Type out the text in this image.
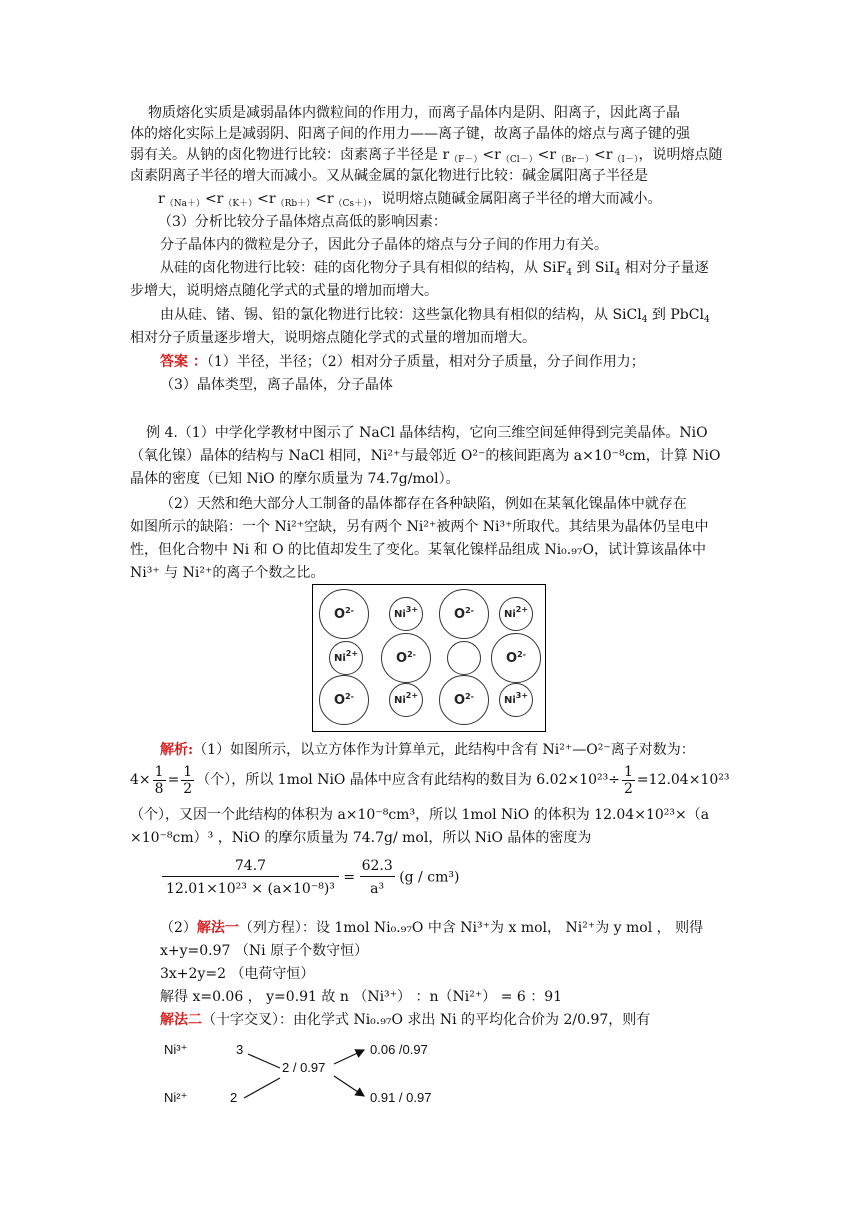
物质熔化实质是减弱晶体内微粒间的作用力，而离子晶体内是阴、阳离子，因此离子晶
体的熔化实际上是减弱阴、阳离子间的作用力——离子键，故离子晶体的熔点与离子键的强
弱有关。从钠的卤化物进行比较：卤素离子半径是 $r_{(F-)}<r_{(Cl-)}<r_{(Br-)}<r_{(I-)}$，说明熔点随
卤素阴离子半径的增大而减小。又从碱金属的氯化物进行比较：碱金属阳离子半径是
$r_{(Na+)}<r_{(K+)}<r_{(Rb+)}<r_{(Cs+)}$，说明熔点随碱金属阳离子半径的增大而减小。
（3）分析比较分子晶体熔点高低的影响因素：
分子晶体内的微粒是分子，因此分子晶体的熔点与分子间的作用力有关。
从硅的卤化物进行比较：硅的卤化物分子具有相似的结构，从 SiF$_4$ 到 SiI$_4$ 相对分子量逐
步增大，说明熔点随化学式的式量的增加而增大。
由从硅、锗、锡、铅的氯化物进行比较：这些氯化物具有相似的结构，从 SiCl$_4$ 到 PbCl$_4$
相对分子质量逐步增大，说明熔点随化学式的式量的增加而增大。
答案 ：（1）半径，半径；（2）相对分子质量，相对分子质量，分子间作用力；
（3）晶体类型，离子晶体，分子晶体
例 4.（1）中学化学教材中图示了 NaCl 晶体结构，它向三维空间延伸得到完美晶体。NiO
（氧化镍）晶体的结构与 NaCl 相同，Ni²⁺与最邻近 O²⁻的核间距离为 a×10⁻⁸cm，计算 NiO
晶体的密度（已知 NiO 的摩尔质量为 74.7g/mol）。
（2）天然和绝大部分人工制备的晶体都存在各种缺陷，例如在某氧化镍晶体中就存在
如图所示的缺陷：一个 Ni²⁺空缺，另有两个 Ni²⁺被两个 Ni³⁺所取代。其结果为晶体仍呈电中
性，但化合物中 Ni 和 O 的比值却发生了变化。某氧化镍样品组成 Ni₀.₉₇O，试计算该晶体中
Ni³⁺ 与 Ni²⁺的离子个数之比。
$O^{2-}$	$Ni^{3+}$	$O^{2-}$	$Ni^{2+}$
$Ni^{2+}$	$O^{2-}$	$O^{2-}$
$O^{2-}$	$Ni^{2+}$	$O^{2-}$	$Ni^{3+}$
解析:（1）如图所示，以立方体作为计算单元，此结构中含有 Ni²⁺—O²⁻离子对数为：
$4\times \frac{1}{8} = \frac{1}{2}$ （个），所以 1mol NiO 晶体中应含有此结构的数目为 $6.02\times 10^{23}\div \frac{1}{2} =12.04\times 10^{23}$
（个），又因一个此结构的体积为 a×10⁻⁸cm³，所以 1mol NiO 的体积为 12.04×10²³×（a
×10⁻⁸cm）³ ，NiO 的摩尔质量为 74.7g/ mol，所以 NiO 晶体的密度为
$\frac{74.7}{\text{12.01×10²³ × (a×10⁻⁸)³}} = \frac{62.3}{\text{a³}} (g / cm^3)$
（2）解法一（列方程）：设 1mol Ni₀.₉₇O 中含 Ni³⁺为 x mol， Ni²⁺为 y mol ， 则得
x+y=0.97 （Ni 原子个数守恒）
3x+2y=2 （电荷守恒）
解得 x=0.06 ， y=0.91 故 n （Ni³⁺） ：n（Ni²⁺） = 6 ：91
解法二（十字交叉）：由化学式 Ni₀.₉₇O 求出 Ni 的平均化合价为 2/0.97，则有
Ni³⁺	3
2 / 0.97
0.06 /0.97
Ni²⁺	2	0.91 / 0.97
